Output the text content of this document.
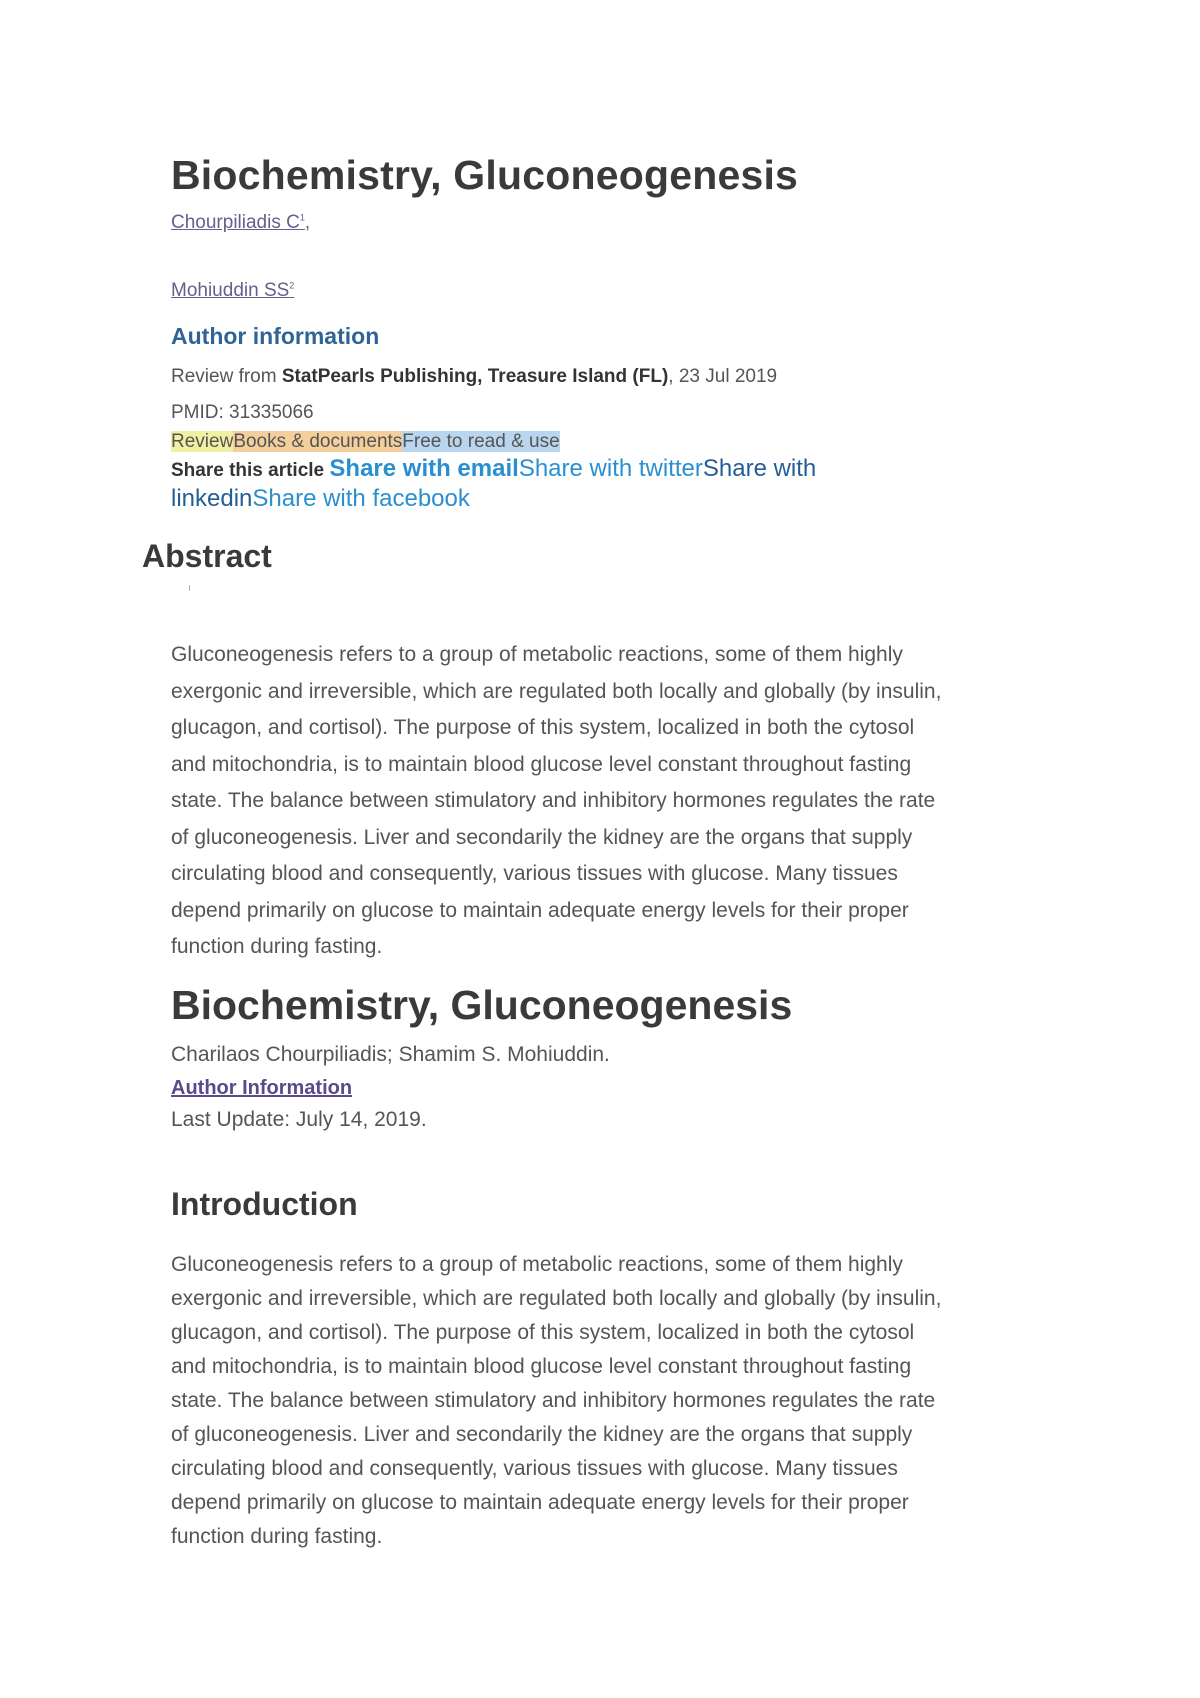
Biochemistry, Gluconeogenesis
Chourpiliadis $C^1$,
Mohiuddin $SS^2$
Author information
Review from StatPearls Publishing, Treasure Island (FL), 23 Jul 2019
PMID: 31335066
ReviewBooks & documentsFree to read & use
Share this article Share with emailShare with twitterShare with linkedinShare with facebook
Abstract
Gluconeogenesis refers to a group of metabolic reactions, some of them highly
exergonic and irreversible, which are regulated both locally and globally (by insulin,
glucagon, and cortisol). The purpose of this system, localized in both the cytosol
and mitochondria, is to maintain blood glucose level constant throughout fasting
state. The balance between stimulatory and inhibitory hormones regulates the rate
of gluconeogenesis. Liver and secondarily the kidney are the organs that supply
circulating blood and consequently, various tissues with glucose. Many tissues
depend primarily on glucose to maintain adequate energy levels for their proper
function during fasting.
Biochemistry, Gluconeogenesis
Charilaos Chourpiliadis; Shamim S. Mohiuddin.
Author Information
Last Update: July 14, 2019.
Introduction
Gluconeogenesis refers to a group of metabolic reactions, some of them highly
exergonic and irreversible, which are regulated both locally and globally (by insulin,
glucagon, and cortisol). The purpose of this system, localized in both the cytosol
and mitochondria, is to maintain blood glucose level constant throughout fasting
state. The balance between stimulatory and inhibitory hormones regulates the rate
of gluconeogenesis. Liver and secondarily the kidney are the organs that supply
circulating blood and consequently, various tissues with glucose. Many tissues
depend primarily on glucose to maintain adequate energy levels for their proper
function during fasting.
